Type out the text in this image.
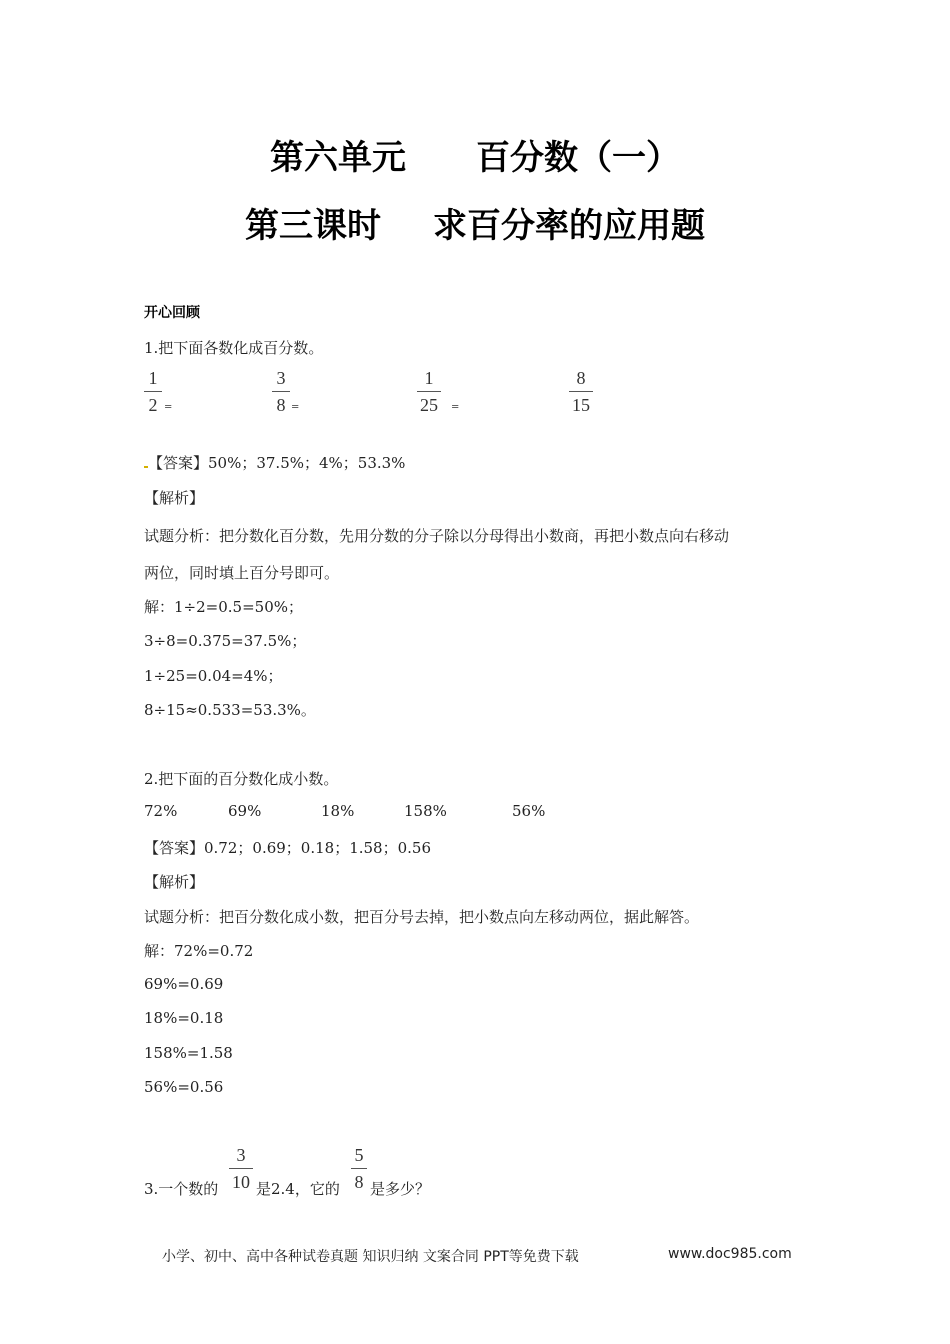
第六单元 百分数（一）
第三课时 求百分率的应用题
开心回顾
1.把下面各数化成百分数。
1
2 =
3
8 =
1
25	=
8
15
【答案】50%；37.5%；4%；53.3%
【解析】
试题分析：把分数化百分数，先用分数的分子除以分母得出小数商，再把小数点向右移动
两位，同时填上百分号即可。
解：1÷2=0.5=50%；
3÷8=0.375=37.5%；
1÷25=0.04=4%；
8÷15≈0.533=53.3%。
2.把下面的百分数化成小数。
72%	69%	18%	158%	56%
【答案】0.72；0.69；0.18；1.58；0.56
【解析】
试题分析：把百分数化成小数，把百分号去掉，把小数点向左移动两位，据此解答。
解：72%=0.72
69%=0.69
18%=0.18
158%=1.58
56%=0.56
3.一个数的
3
10 是2.4，它的
5
8 是多少？
小学、初中、高中各种试卷真题 知识归纳 文案合同 PPT等免费下载	www.doc985.com
